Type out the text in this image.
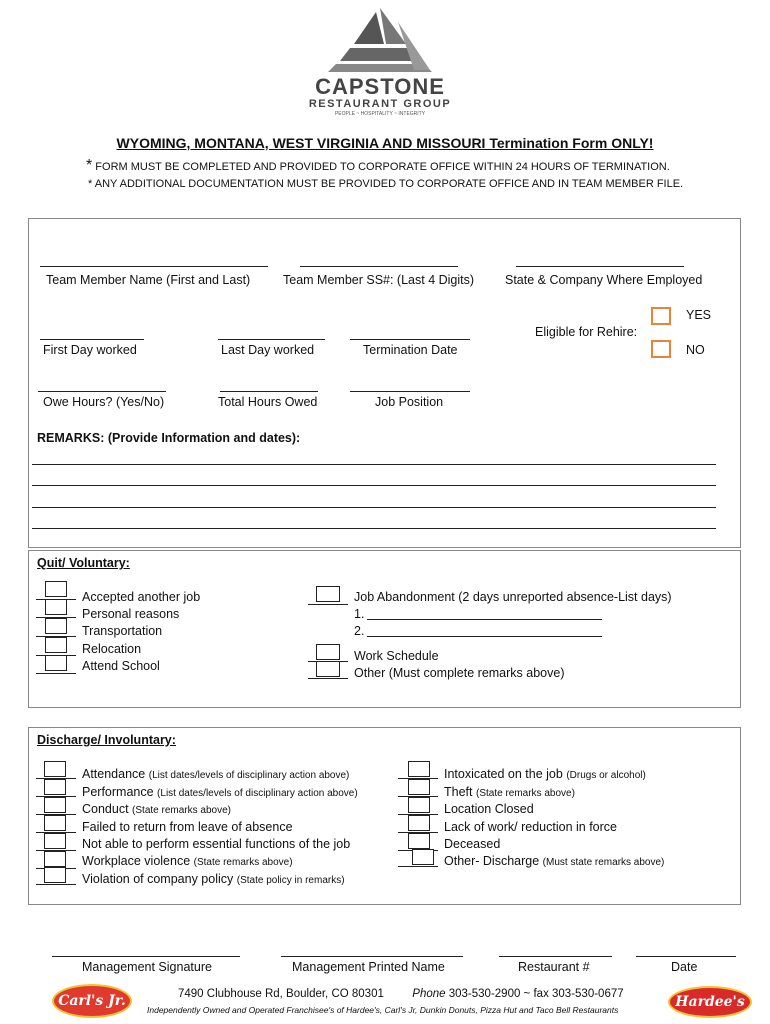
CAPSTONE
RESTAURANT GROUP
PEOPLE ~ HOSPITALITY ~ INTEGRITY
WYOMING, MONTANA, WEST VIRGINIA AND MISSOURI Termination Form ONLY!
* FORM MUST BE COMPLETED AND PROVIDED TO CORPORATE OFFICE WITHIN 24 HOURS OF TERMINATION.
* ANY ADDITIONAL DOCUMENTATION MUST BE PROVIDED TO CORPORATE OFFICE AND IN TEAM MEMBER FILE.
Team Member Name (First and Last)	Team Member SS#: (Last 4 Digits) State & Company Where Employed
First Day worked	Last Day worked	Termination Date
Eligible for Rehire:
YES
NO
Owe Hours? (Yes/No)	Total Hours Owed	Job Position
REMARKS: (Provide Information and dates):
Quit/ Voluntary:
Accepted another job
Personal reasons
Transportation
Relocation
Attend School
Job Abandonment (2 days unreported absence-List days)
1.
2.
Work Schedule
Other (Must complete remarks above)
Discharge/ Involuntary:
Attendance (List dates/levels of disciplinary action above)
Performance (List dates/levels of disciplinary action above)
Conduct (State remarks above)
Failed to return from leave of absence
Not able to perform essential functions of the job
Workplace violence (State remarks above)
Violation of company policy (State policy in remarks)
Intoxicated on the job (Drugs or alcohol)
Theft (State remarks above)
Location Closed
Lack of work/ reduction in force
Deceased
Other- Discharge (Must state remarks above)
Management Signature	Management Printed Name	Restaurant #	Date
Carl's Jr.	7490 Clubhouse Rd, Boulder, CO 80301 Phone 303-530-2900 ~ fax 303-530-0677
Independently Owned and Operated Franchisee's of Hardee's, Carl's Jr, Dunkin Donuts, Pizza Hut and Taco Bell Restaurants	Hardee's
